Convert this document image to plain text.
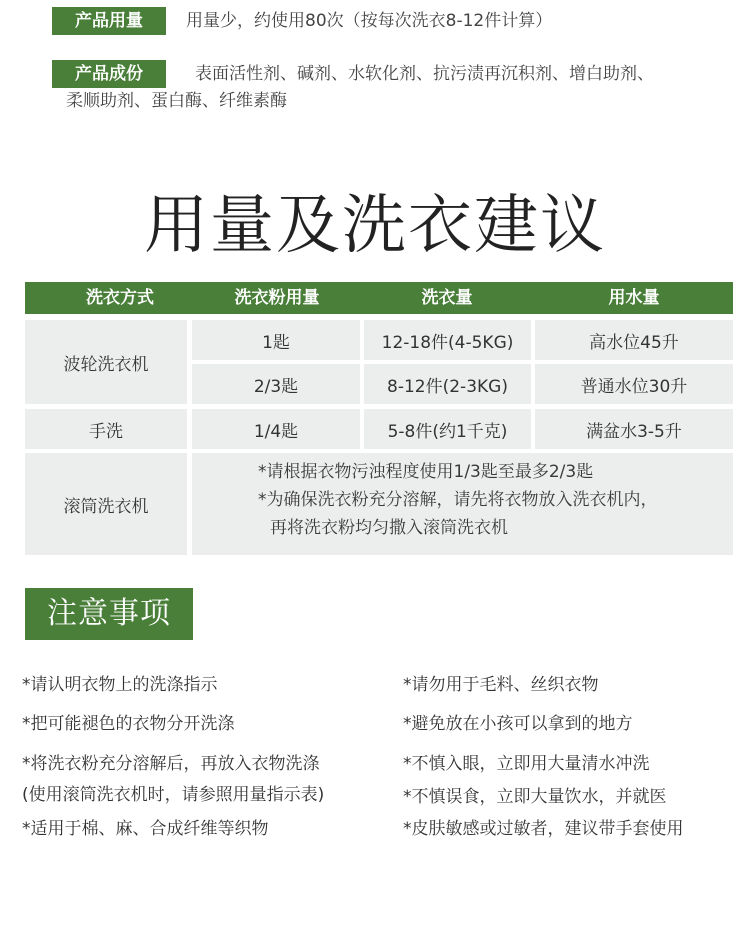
产品用量	用量少，约使用80次（按每次洗衣8-12件计算）
产品成份	表面活性剂、碱剂、水软化剂、抗污渍再沉积剂、增白助剂、
柔顺助剂、蛋白酶、纤维素酶
用量及洗衣建议
洗衣方式	洗衣粉用量	洗衣量	用水量
波轮洗衣机
1匙	12-18件(4-5KG)	高水位45升
2/3匙	8-12件(2-3KG)	普通水位30升
手洗	1/4匙	5-8件(约1千克)	满盆水3-5升
滚筒洗衣机

*请根据衣物污浊程度使用1/3匙至最多2/3匙

*为确保洗衣粉充分溶解，请先将衣物放入洗衣机内，

再将洗衣粉均匀撒入滚筒洗衣机

注意事项
*请认明衣物上的洗涤指示
*把可能褪色的衣物分开洗涤
*将洗衣粉充分溶解后，再放入衣物洗涤
(使用滚筒洗衣机时，请参照用量指示表)
*适用于棉、麻、合成纤维等织物
*请勿用于毛料、丝织衣物
*避免放在小孩可以拿到的地方
*不慎入眼，立即用大量清水冲洗
*不慎误食，立即大量饮水，并就医
*皮肤敏感或过敏者，建议带手套使用
